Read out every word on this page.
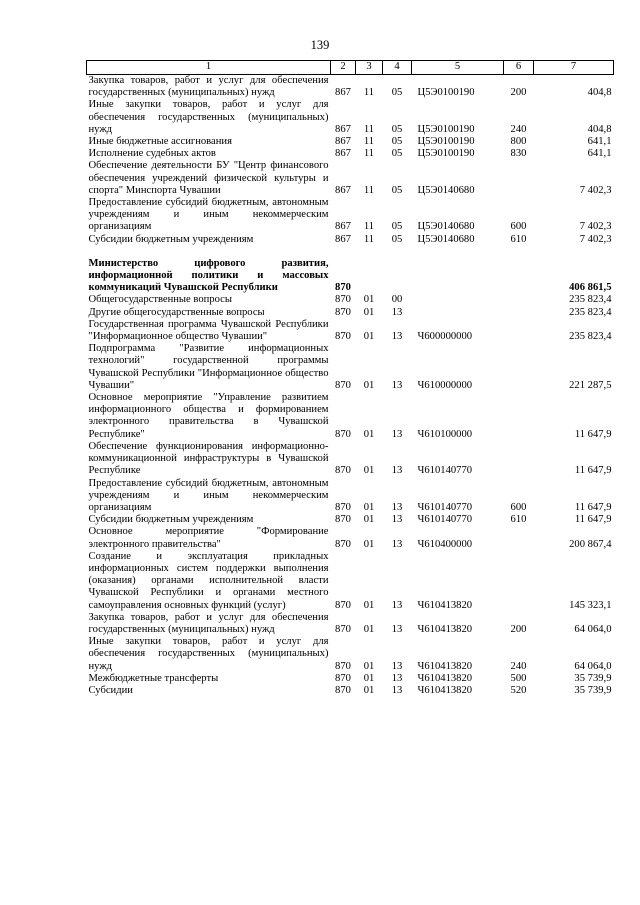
139
1	2	3	4	5	6	7
Закупка товаров, работ и услуг для обеспечения государственных (муниципальных) нужд	867	11	05	Ц5Э0100190	200	404,8
Иные закупки товаров, работ и услуг для обеспечения государственных (муниципальных) нужд	867	11	05	Ц5Э0100190	240	404,8
Иные бюджетные ассигнования	867	11	05	Ц5Э0100190	800	641,1
Исполнение судебных актов	867	11	05	Ц5Э0100190	830	641,1
Обеспечение деятельности БУ "Центр финансового обеспечения учреждений физической культуры и спорта" Минспорта Чувашии	867	11	05	Ц5Э0140680		7 402,3
Предоставление субсидий бюджетным, автономным учреждениям и иным некоммерческим организациям	867	11	05	Ц5Э0140680	600	7 402,3
Субсидии бюджетным учреждениям	867	11	05	Ц5Э0140680	610	7 402,3

Министерство цифрового развития, информационной политики и массовых коммуникаций Чувашской Республики	870					406 861,5
Общегосударственные вопросы	870	01	00			235 823,4
Другие общегосударственные вопросы	870	01	13			235 823,4
Государственная программа Чувашской Республики "Информационное общество Чувашии"	870	01	13	Ч600000000		235 823,4
Подпрограмма "Развитие информационных технологий" государственной программы Чувашской Республики "Информационное общество Чувашии"	870	01	13	Ч610000000		221 287,5
Основное мероприятие "Управление развитием информационного общества и формированием электронного правительства в Чувашской Республике"	870	01	13	Ч610100000		11 647,9
Обеспечение функционирования информационно-коммуникационной инфраструктуры в Чувашской Республике	870	01	13	Ч610140770		11 647,9
Предоставление субсидий бюджетным, автономным учреждениям и иным некоммерческим организациям	870	01	13	Ч610140770	600	11 647,9
Субсидии бюджетным учреждениям	870	01	13	Ч610140770	610	11 647,9
Основное мероприятие "Формирование электронного правительства"	870	01	13	Ч610400000		200 867,4
Создание и эксплуатация прикладных информационных систем поддержки выполнения (оказания) органами исполнительной власти Чувашской Республики и органами местного самоуправления основных функций (услуг)	870	01	13	Ч610413820		145 323,1
Закупка товаров, работ и услуг для обеспечения государственных (муниципальных) нужд	870	01	13	Ч610413820	200	64 064,0
Иные закупки товаров, работ и услуг для обеспечения государственных (муниципальных) нужд	870	01	13	Ч610413820	240	64 064,0
Межбюджетные трансферты	870	01	13	Ч610413820	500	35 739,9
Субсидии	870	01	13	Ч610413820	520	35 739,9
